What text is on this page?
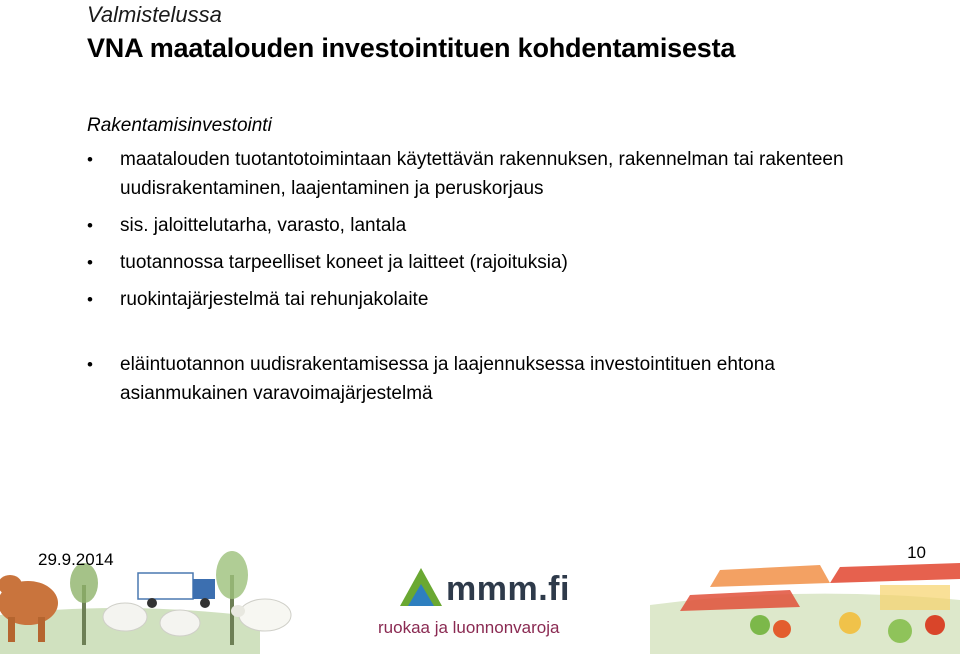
Valmistelussa
VNA maatalouden investointituen kohdentamisesta
Rakentamisinvestointi
• maatalouden tuotantotoimintaan käytettävän rakennuksen, rakennelman tai rakenteen uudisrakentaminen, laajentaminen ja peruskorjaus
• sis. jaloittelutarha, varasto, lantala
• tuotannossa tarpeelliset koneet ja laitteet (rajoituksia)
• ruokintajärjestelmä tai rehunjakolaite
• eläintuotannon uudisrakentamisessa ja laajennuksessa investointituen ehtona asianmukainen varavoimajärjestelmä
29.9.2014	10
mmm.fi
ruokaa ja luonnonvaroja
